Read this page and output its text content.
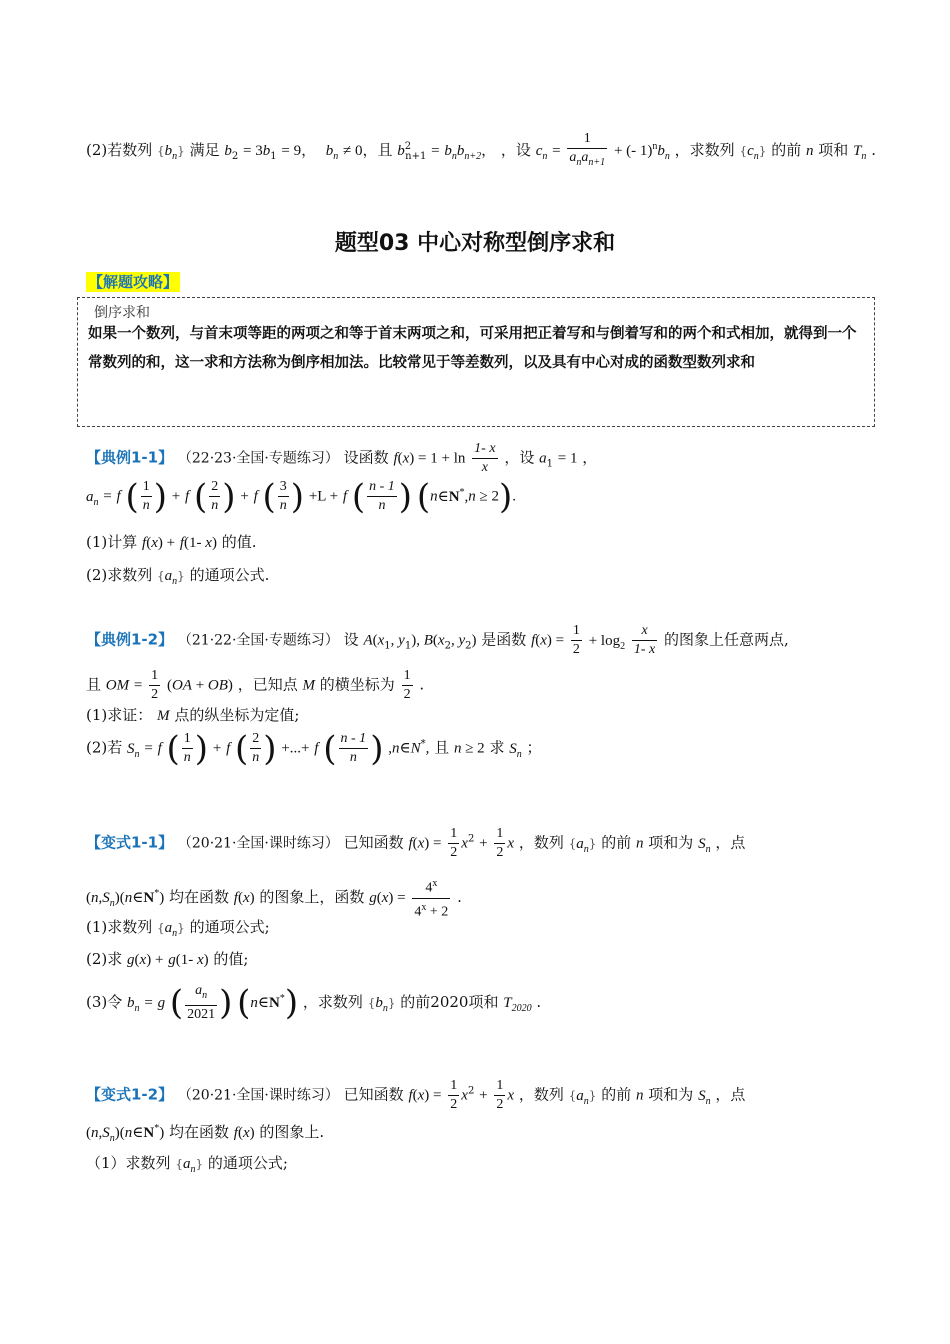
(2)若数列 $\{b_n\}$ 满足 $b_2 = 3b_1 = 9$， $b_n \ne 0$，且 $b^2_{n+1} = b_nb_{n+2}$， ，设 $c_n = \frac{1}{a_na_{n+1}}$ + (- $1)^nb_n$ ，求数列 $\{c_n\}$ 的前 n 项和 $T_n$ .
题型03 中心对称型倒序求和
【解题攻略】
倒序求和
如果一个数列，与首末项等距的两项之和等于首末两项之和，可采用把正着写和与倒着写和的两个和式相加，就得到一个常数列的和，这一求和方法称为倒序相加法。比较常见于等差数列，以及具有中心对成的函数型数列求和
【典例1-1】 （22·23·全国·专题练习） 设函数 $f(x) = 1 + \ln \frac{1- x}{x}$ ，设 $a_1 = 1$ ，
$a_n = f$ ( $\frac{1}{n}$ ) + f ( $\frac{2}{n}$ ) + f ( $\frac{3}{n}$ ) +L + f ( $\frac{n - 1}{n}$ ) (n∈N*,n ≥ 2).
(1)计算 f(x) + f(1- x) 的值.
(2)求数列 $\{a_n\}$ 的通项公式.
【典例1-2】 （21·22·全国·专题练习） 设 $A(x_1$, $y_1$), $B(x_2$, $y_2$) 是函数 $f(x) = \frac{1}{2} + \log_2 \frac{x}{1- x}$ 的图象上任意两点,
且 OM = $\frac{1}{2} (OA + OB)$ ，已知点 M 的横坐标为 $\frac{1}{2}$ .
(1)求证： M 点的纵坐标为定值;
(2)若 $S_n = f$ ( $\frac{1}{n}$ ) + f ( $\frac{2}{n}$ ) +...+ f ( $\frac{n - 1}{n}$ ) ,n∈N*, 且 n ≥ 2 求 $S_n$ ；
【变式1-1】 （20·21·全国·课时练习） 已知函数 $f(x) = \frac{1}{2} x^2 + \frac{1}{2}$ x ，数列 $\{a_n\}$ 的前 n 项和为 $S_n$ ，点
$(n,S_n)(n\in N^*)$ 均在函数 f(x) 的图象上，函数 $g(x) = \frac{4^x}{4^x + 2}$ .
(1)求数列 $\{a_n\}$ 的通项公式;
(2)求 g(x) + g(1- x) 的值;
(3)令 $b_n = g$ ( $\frac{a_n}{2021}$ ) (n∈N*) ，求数列 $\{b_n\}$ 的前2020项和 $T_{2020}$ .
【变式1-2】 （20·21·全国·课时练习） 已知函数 $f(x) = \frac{1}{2} x^2 + \frac{1}{2}$ x ，数列 $\{a_n\}$ 的前 n 项和为 $S_n$ ，点
$(n,S_n)(n\in N^*)$ 均在函数 f(x) 的图象上.
（1）求数列 $\{a_n\}$ 的通项公式;
